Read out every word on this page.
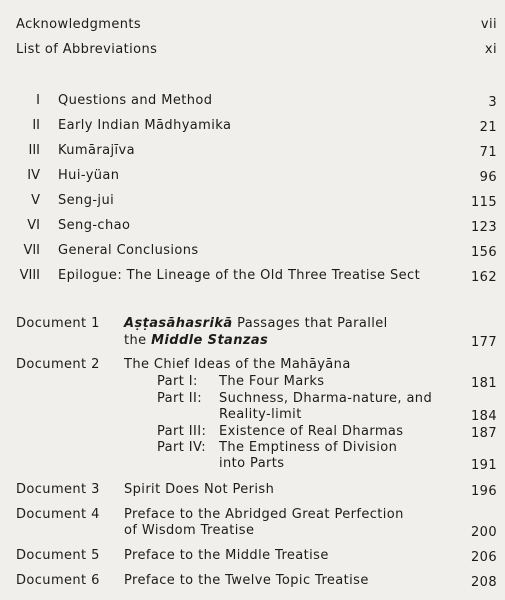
Acknowledgments	vii
List of Abbreviations	xi
I Questions and Method	3
II Early Indian Mādhyamika	21
III Kumārajīva	71
IV Hui-yüan	96
V Seng-jui	115
VI Seng-chao	123
VII General Conclusions	156
VIII Epilogue: The Lineage of the Old Three Treatise Sect	162
Document 1 Aṣṭasāhasrikā Passages that Parallel
the Middle Stanzas	177
Document 2 The Chief Ideas of the Mahāyāna
Part I: The Four Marks	181
Part II: Suchness, Dharma-nature, and
Reality-limit	184
Part III: Existence of Real Dharmas	187
Part IV: The Emptiness of Division
into Parts	191
Document 3 Spirit Does Not Perish	196
Document 4 Preface to the Abridged Great Perfection
of Wisdom Treatise	200
Document 5 Preface to the Middle Treatise	206
Document 6 Preface to the Twelve Topic Treatise	208
